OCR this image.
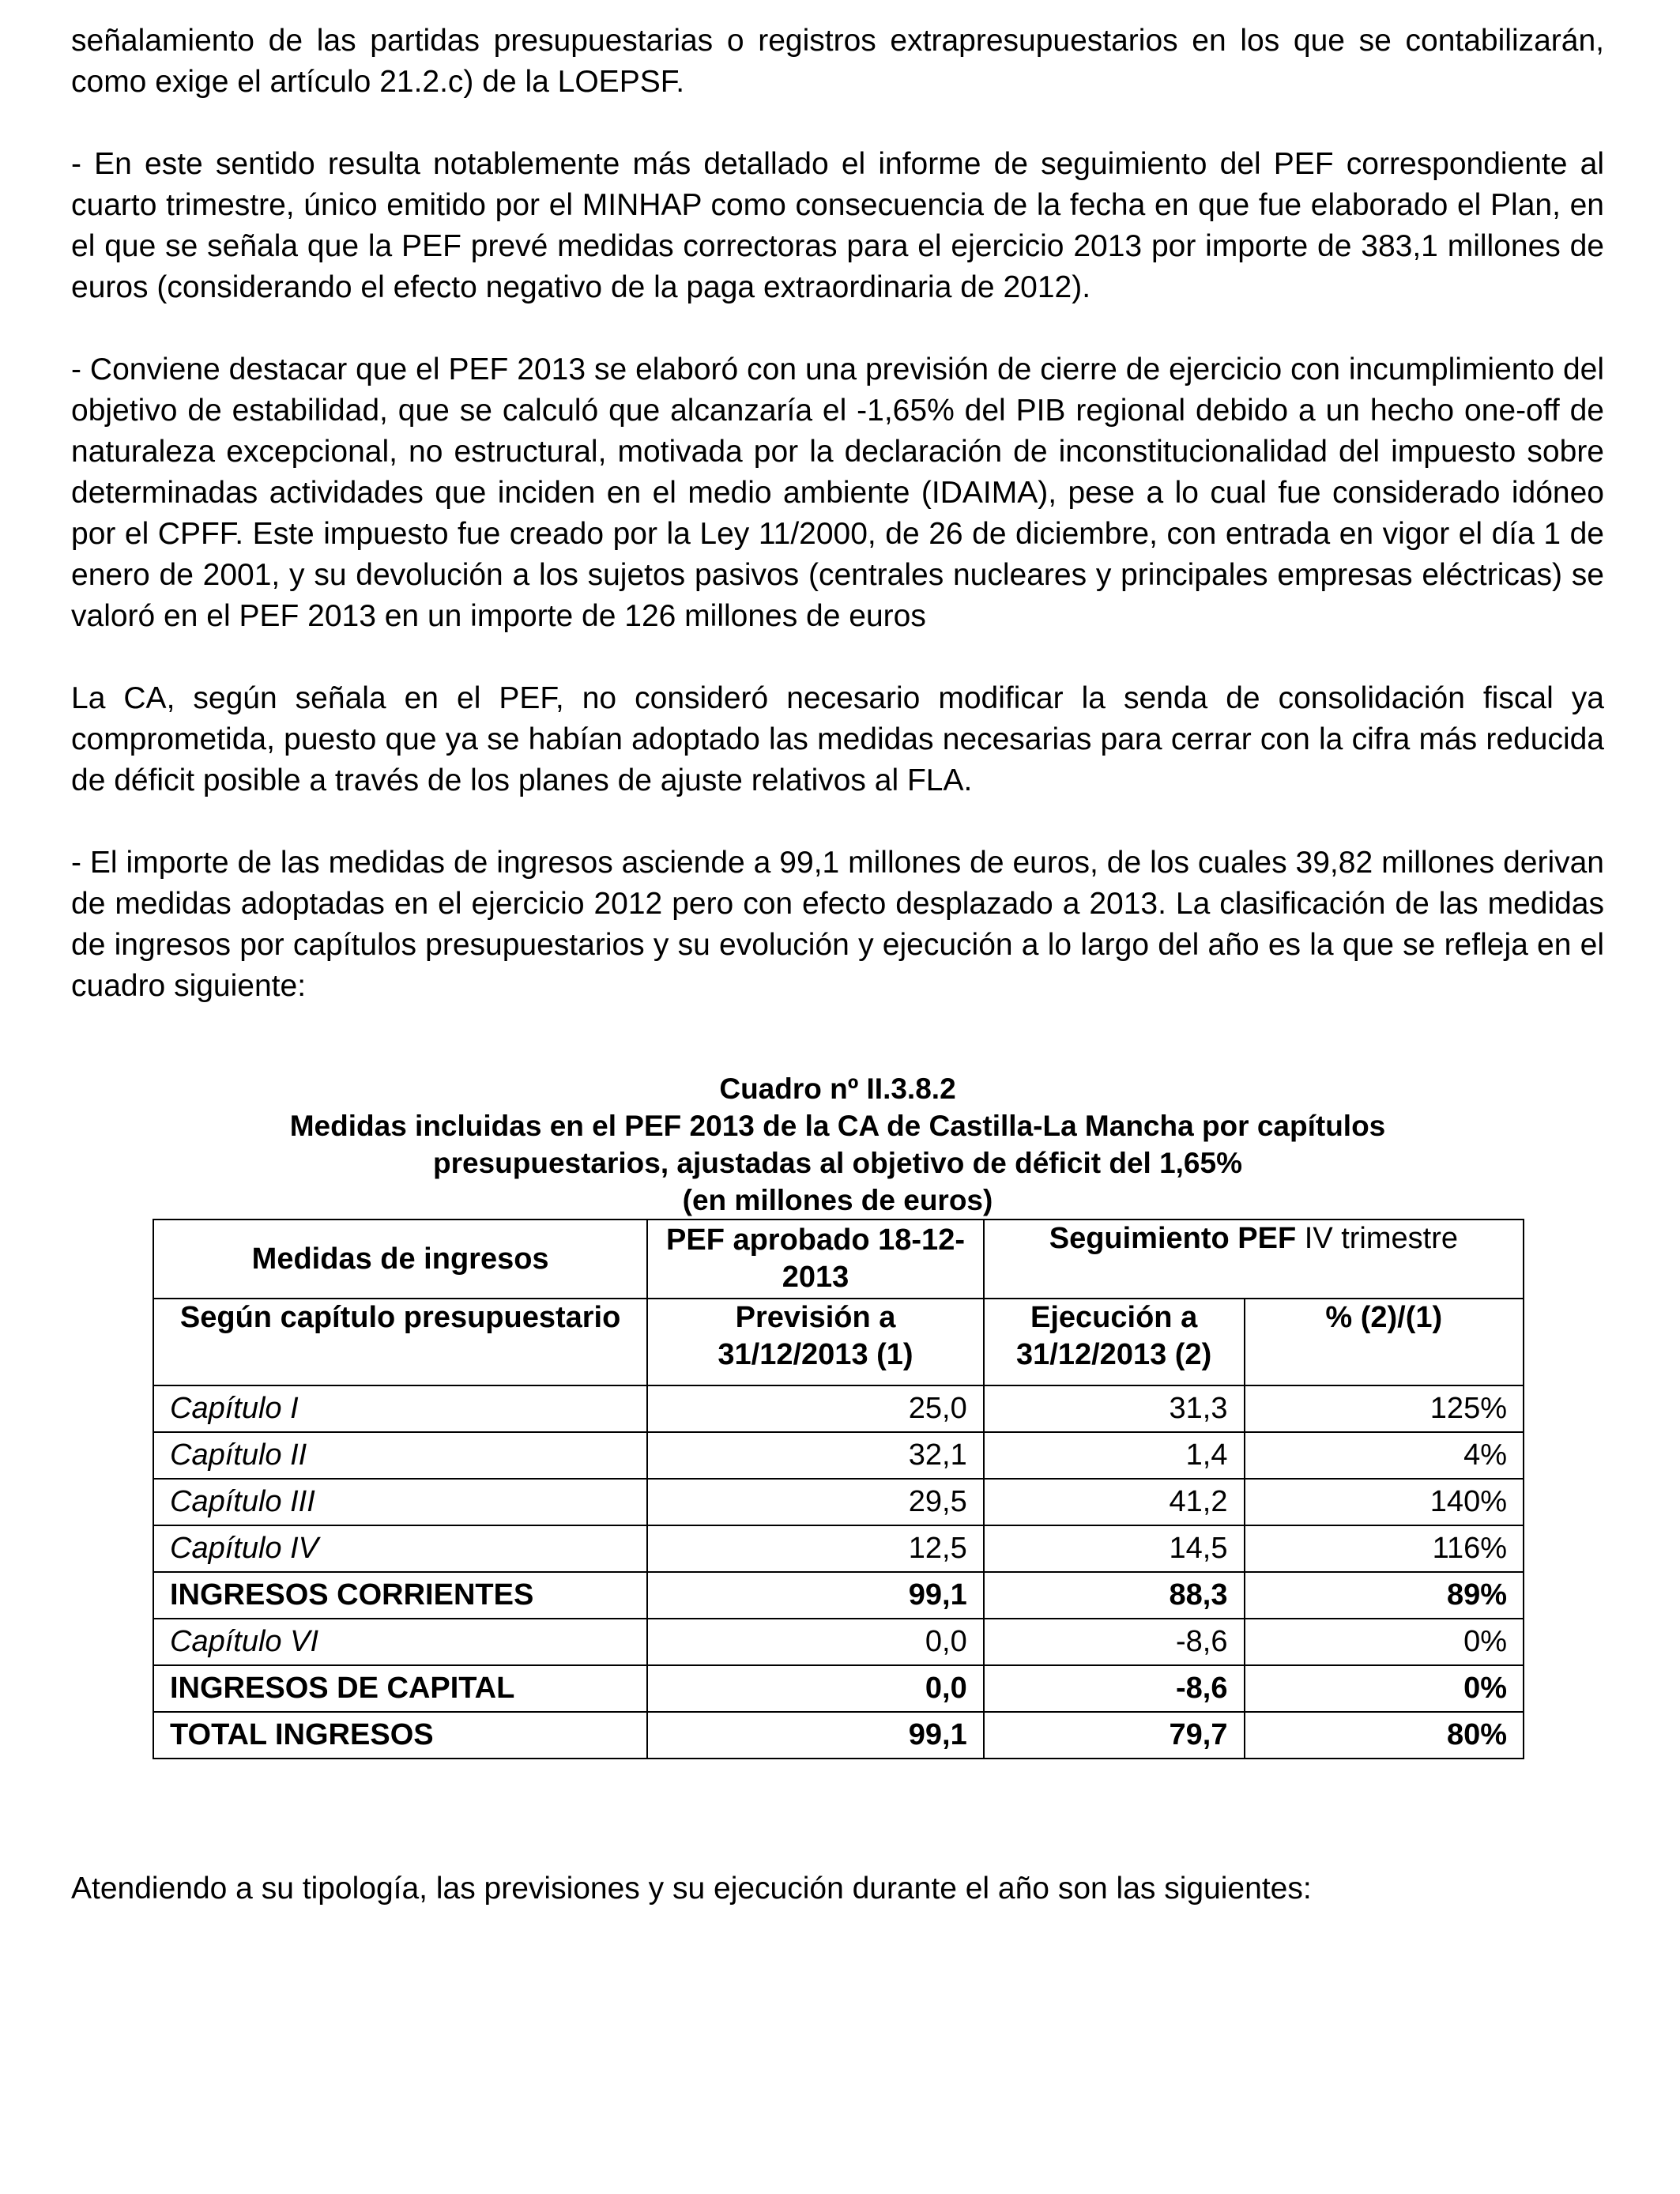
señalamiento de las partidas presupuestarias o registros extrapresupuestarios en los que se contabilizarán, como exige el artículo 21.2.c) de la LOEPSF.

- En este sentido resulta notablemente más detallado el informe de seguimiento del PEF correspondiente al cuarto trimestre, único emitido por el MINHAP como consecuencia de la fecha en que fue elaborado el Plan, en el que se señala que la PEF prevé medidas correctoras para el ejercicio 2013 por importe de 383,1 millones de euros (considerando el efecto negativo de la paga extraordinaria de 2012).

- Conviene destacar que el PEF 2013 se elaboró con una previsión de cierre de ejercicio con incumplimiento del objetivo de estabilidad, que se calculó que alcanzaría el -1,65% del PIB regional debido a un hecho one-off de naturaleza excepcional, no estructural, motivada por la declaración de inconstitucionalidad del impuesto sobre determinadas actividades que inciden en el medio ambiente (IDAIMA), pese a lo cual fue considerado idóneo por el CPFF. Este impuesto fue creado por la Ley 11/2000, de 26 de diciembre, con entrada en vigor el día 1 de enero de 2001, y su devolución a los sujetos pasivos (centrales nucleares y principales empresas eléctricas) se valoró en el PEF 2013 en un importe de 126 millones de euros

La CA, según señala en el PEF, no consideró necesario modificar la senda de consolidación fiscal ya comprometida, puesto que ya se habían adoptado las medidas necesarias para cerrar con la cifra más reducida de déficit posible a través de los planes de ajuste relativos al FLA.

- El importe de las medidas de ingresos asciende a 99,1 millones de euros, de los cuales 39,82 millones derivan de medidas adoptadas en el ejercicio 2012 pero con efecto desplazado a 2013. La clasificación de las medidas de ingresos por capítulos presupuestarios y su evolución y ejecución a lo largo del año es la que se refleja en el cuadro siguiente:

Cuadro nº II.3.8.2
Medidas incluidas en el PEF 2013 de la CA de Castilla-La Mancha por capítulos
presupuestarios, ajustadas al objetivo de déficit del 1,65%
(en millones de euros)
Medidas de ingresos	PEF aprobado 18-12-2013	Seguimiento PEF IV trimestre	
Según capítulo presupuestario	Previsión a 31/12/2013 (1)	Ejecución a 31/12/2013 (2)	% (2)/(1)
Capítulo I	25,0	31,3	125%
Capítulo II	32,1	1,4	4%
Capítulo III	29,5	41,2	140%
Capítulo IV	12,5	14,5	116%
INGRESOS CORRIENTES	99,1	88,3	89%
Capítulo VI	0,0	-8,6	0%
INGRESOS DE CAPITAL	0,0	-8,6	0%
TOTAL INGRESOS	99,1	79,7	80%

Atendiendo a su tipología, las previsiones y su ejecución durante el año son las siguientes:
